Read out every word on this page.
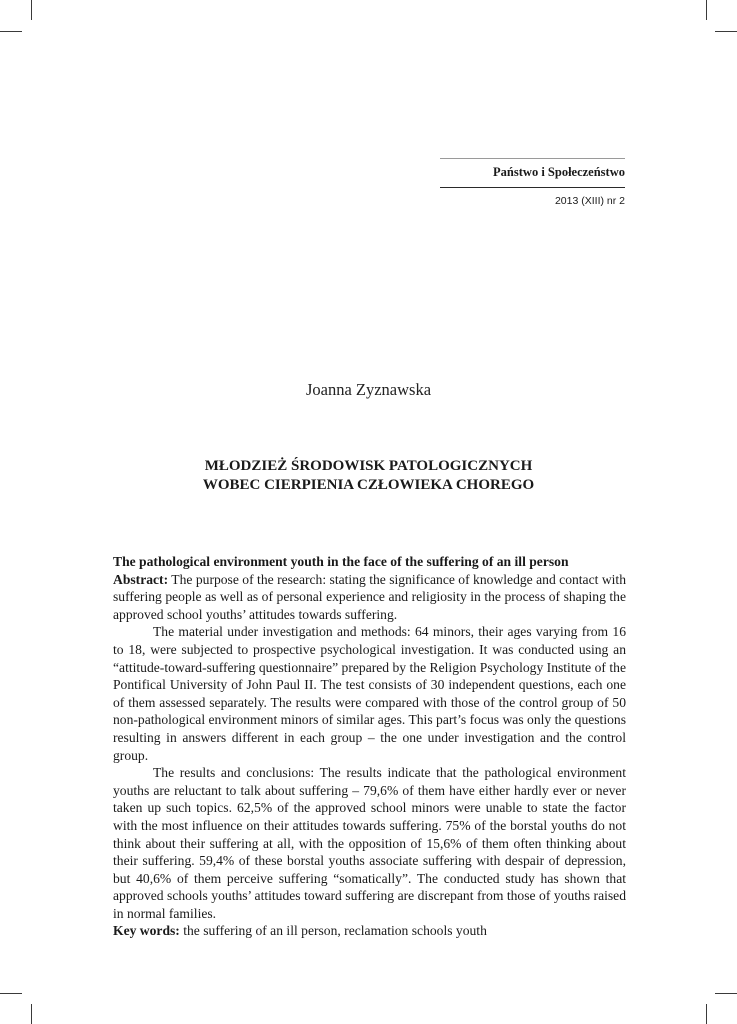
Państwo i Społeczeństwo
2013 (XIII) nr 2
Joanna Zyznawska
MŁODZIEŻ ŚRODOWISK PATOLOGICZNYCH
WOBEC CIERPIENIA CZŁOWIEKA CHOREGO

The pathological environment youth in the face of the suffering of an ill person

Abstract: The purpose of the research: stating the significance of knowledge and contact with suffering people as well as of personal experience and religiosity in the process of shaping the approved school youths’ attitudes towards suffering.

The material under investigation and methods: 64 minors, their ages varying from 16 to 18, were subjected to prospective psychological investigation. It was conducted using an “attitude-toward-suffering questionnaire” prepared by the Religion Psychology Institute of the Pontifical University of John Paul II. The test consists of 30 independent questions, each one of them assessed separately. The results were compared with those of the control group of 50 non-pathological environment minors of similar ages. This part’s focus was only the questions resulting in answers different in each group – the one under investigation and the control group.

The results and conclusions: The results indicate that the pathological environment youths are reluctant to talk about suffering – 79,6% of them have either hardly ever or never taken up such topics. 62,5% of the approved school minors were unable to state the factor with the most influence on their attitudes towards suffering. 75% of the borstal youths do not think about their suffering at all, with the opposition of 15,6% of them often thinking about their suffering. 59,4% of these borstal youths associate suffering with despair of depression, but 40,6% of them perceive suffering “somatically”. The conducted study has shown that approved schools youths’ attitudes toward suffering are discrepant from those of youths raised in normal families.

Key words: the suffering of an ill person, reclamation schools youth
